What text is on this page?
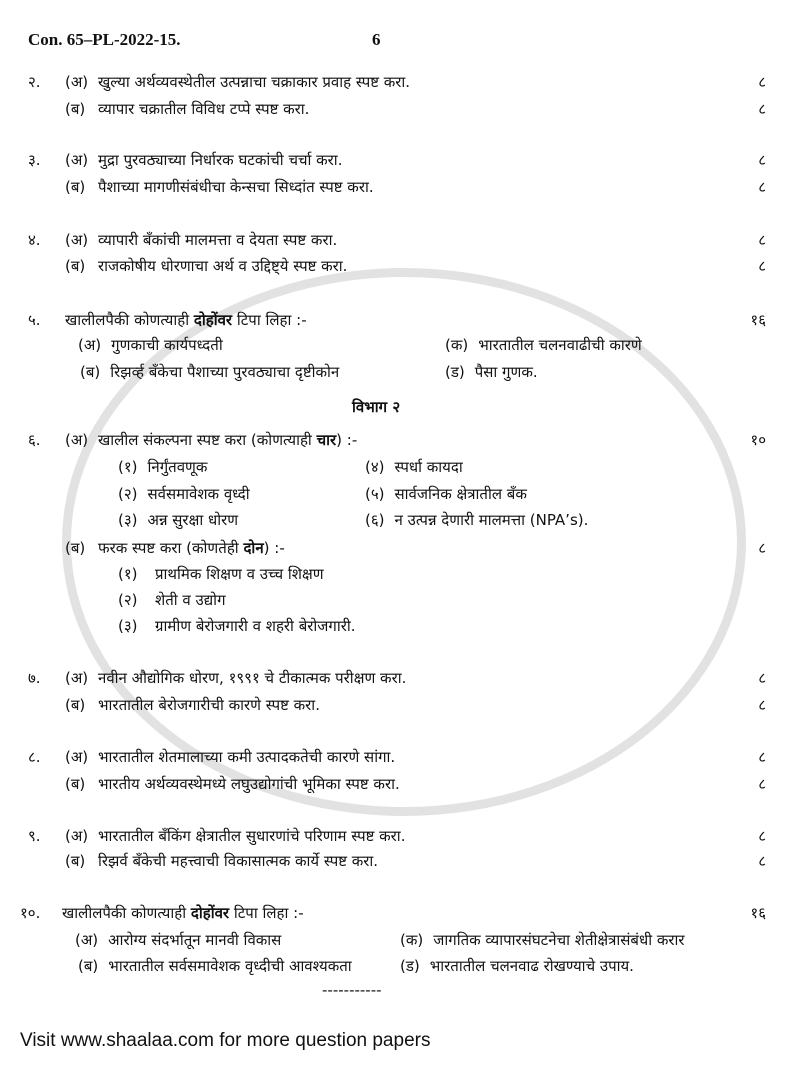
Con. 65–PL-2022-15.	6
२. (अ) खुल्या अर्थव्यवस्थेतील उत्पन्नाचा चक्राकार प्रवाह स्पष्ट करा.	८
(ब) व्यापार चक्रातील विविध टप्पे स्पष्ट करा.	८
३. (अ) मुद्रा पुरवठ्याच्या निर्धारक घटकांची चर्चा करा.	८
(ब) पैशाच्या मागणीसंबंधीचा केन्सचा सिध्दांत स्पष्ट करा.	८
४. (अ) व्यापारी बँकांची मालमत्ता व देयता स्पष्ट करा.	८
(ब) राजकोषीय धोरणाचा अर्थ व उद्दिष्ट्ये स्पष्ट करा.	८
५. खालीलपैकी कोणत्याही दोहोंवर टिपा लिहा :-	१६
(अ) गुणकाची कार्यपध्दती	(क) भारतातील चलनवाढीची कारणे
(ब) रिझर्व्ह बँकेचा पैशाच्या पुरवठ्याचा दृष्टीकोन	(ड) पैसा गुणक.
विभाग २
६. (अ) खालील संकल्पना स्पष्ट करा (कोणत्याही चार) :-	१०
(१) निर्गुंतवणूक	(४) स्पर्धा कायदा
(२) सर्वसमावेशक वृध्दी	(५) सार्वजनिक क्षेत्रातील बँक
(३) अन्न सुरक्षा धोरण	(६) न उत्पन्न देणारी मालमत्ता (NPA’s).
(ब) फरक स्पष्ट करा (कोणतेही दोन) :-	८
(१) प्राथमिक शिक्षण व उच्च शिक्षण
(२) शेती व उद्योग
(३) ग्रामीण बेरोजगारी व शहरी बेरोजगारी.
७. (अ) नवीन औद्योगिक धोरण, १९९१ चे टीकात्मक परीक्षण करा.	८
(ब) भारतातील बेरोजगारीची कारणे स्पष्ट करा.	८
८. (अ) भारतातील शेतमालाच्या कमी उत्पादकतेची कारणे सांगा.	८
(ब) भारतीय अर्थव्यवस्थेमध्ये लघुउद्योगांची भूमिका स्पष्ट करा.	८
९. (अ) भारतातील बँकिंग क्षेत्रातील सुधारणांचे परिणाम स्पष्ट करा.	८
(ब) रिझर्व बँकेची महत्त्वाची विकासात्मक कार्ये स्पष्ट करा.	८
१०. खालीलपैकी कोणत्याही दोहोंवर टिपा लिहा :-	१६
(अ) आरोग्य संदर्भातून मानवी विकास	(क) जागतिक व्यापारसंघटनेचा शेतीक्षेत्रासंबंधी करार
(ब) भारतातील सर्वसमावेशक वृध्दीची आवश्यकता	(ड) भारतातील चलनवाढ रोखण्याचे उपाय.
-----------
Visit www.shaalaa.com for more question papers
